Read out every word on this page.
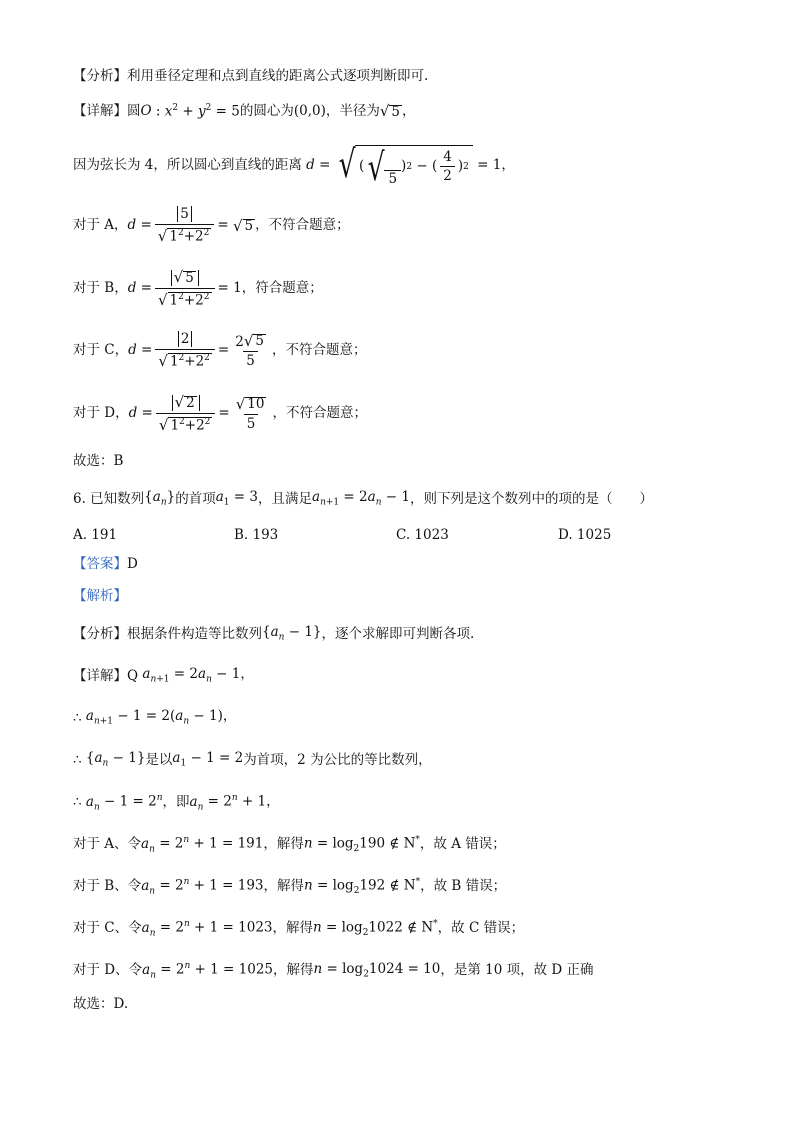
【分析】 利用垂径定理和点到直线的距离公式逐项判断即可.
【详解】 圆 O : $x^2 + y^2 = 5$ 的圆心为 (0,0) ，半径为 √ 5 ，
因为弦长为 4，所以圆心到直线的距离 d = √ ( √ 5
) 2 − ( $\frac{4}{2}$ ) 2 = 1 ，
对于 A， $d = \frac{5}{√ 1^2+2^2}$ = √ 5 ，不符合题意；
对于 B， $d = \frac{√ 5}{√ 1^2+2^2} = 1$ ，符合题意；
对于 C， $d = \frac{2}{√ 1^2+2^2} = \frac{2 √ 5}{5}$ ，不符合题意；
对于 D， $d = \frac{√ 2}{√ 1^2+2^2} = \frac{√ 10}{5}$ ，不符合题意；
故选：B
6. 已知数列 $\{a_n\}$ 的首项 $a_1 = 3$ ，且满足 $a_{n+1} = 2a_n - 1$ ，则下列是这个数列中的项的是（　　）
A. 191	B. 193	C. 1023	D. 1025
【答案】 D
【解析】
【分析】 根据条件构造等比数列 $\{a_n - 1\}$ ，逐个求解即可判断各项.
【详解】 Q $a_{n+1} = 2a_n - 1$，
∴ $a_{n+1} - 1 = 2(a_n - 1)$，
∴ $\{a_n - 1\}$ 是以 $a_1 - 1 = 2$ 为首项，2 为公比的等比数列，
∴ $a_n - 1 = 2^n$ ，即 $a_n = 2^n + 1$，
对于 A、令 $a_n = 2^n + 1 = 191$ ，解得 $n = \log_2190$ ∉ N* ，故 A 错误；
对于 B、令 $a_n = 2^n + 1 = 193$ ，解得 $n = \log_2192$ ∉ N* ，故 B 错误；
对于 C、令 $a_n = 2^n + 1 = 1023$ ，解得 $n = \log_21022$ ∉ N* ，故 C 错误；
对于 D、令 $a_n = 2^n + 1 = 1025$ ，解得 $n = \log_21024 = 10$ ，是第 10 项，故 D 正确
故选：D.
